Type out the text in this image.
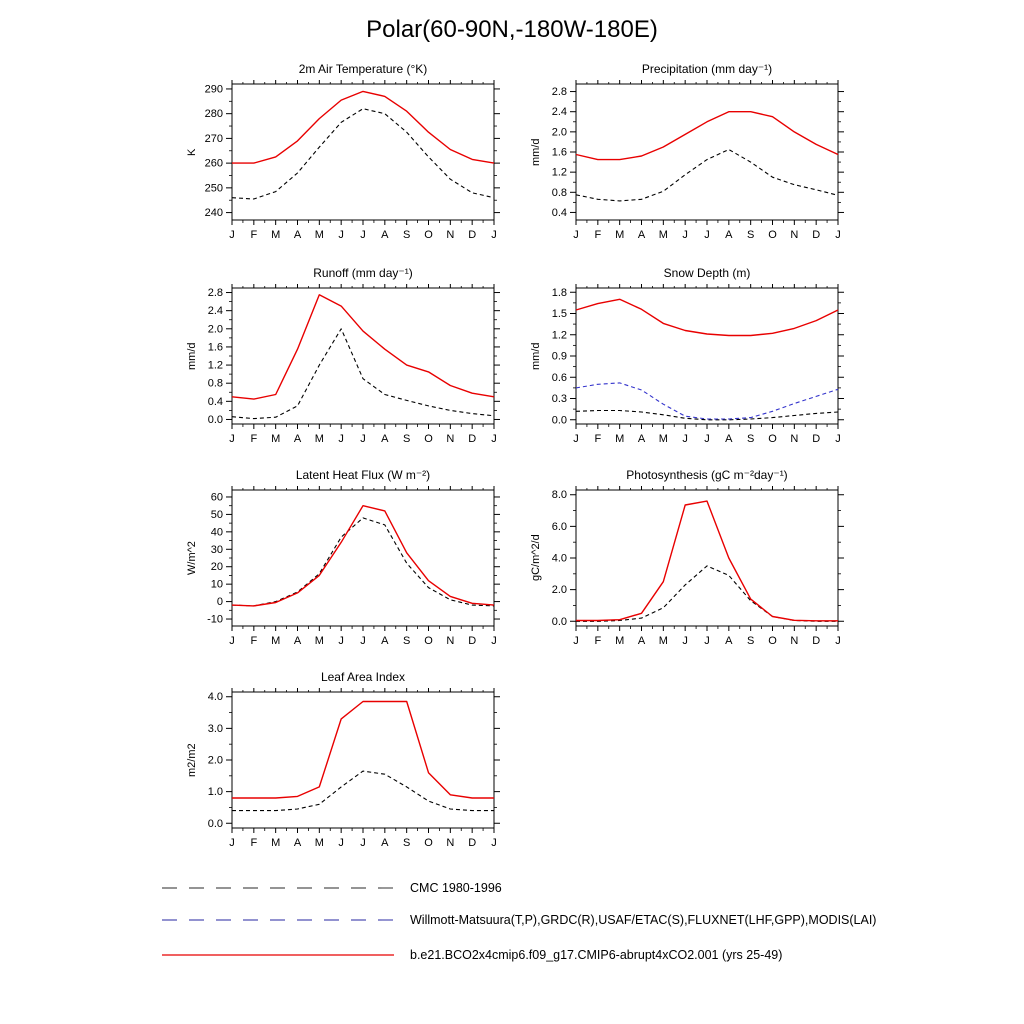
Polar(60-90N,-180W-180E)
2m Air Temperature (°K)
K
240
250
260
270
280
290
J F M A M J J A S O N D J
Precipitation (mm day⁻¹)
mm/d
0.4
0.8
1.2
1.6
2.0
2.4
2.8
J F M A M J J A S O N D J
Runoff (mm day⁻¹)
mm/d
0.0
0.4
0.8
1.2
1.6
2.0
2.4
2.8
J F M A M J J A S O N D J
Snow Depth (m)
mm/d
0.0
0.3
0.6
0.9
1.2
1.5
1.8
J F M A M J J A S O N D J
Latent Heat Flux (W m⁻²)
W/m^2
-10
0
10
20
30
40
50
60
J F M A M J J A S O N D J
Photosynthesis (gC m⁻²day⁻¹)
gC/m^2/d
0.0
2.0
4.0
6.0
8.0
J F M A M J J A S O N D J
Leaf Area Index
m2/m2
0.0
1.0
2.0
3.0
4.0
J F M A M J J A S O N D J
CMC 1980-1996
Willmott-Matsuura(T,P),GRDC(R),USAF/ETAC(S),FLUXNET(LHF,GPP),MODIS(LAI)
b.e21.BCO2x4cmip6.f09_g17.CMIP6-abrupt4xCO2.001 (yrs 25-49)
